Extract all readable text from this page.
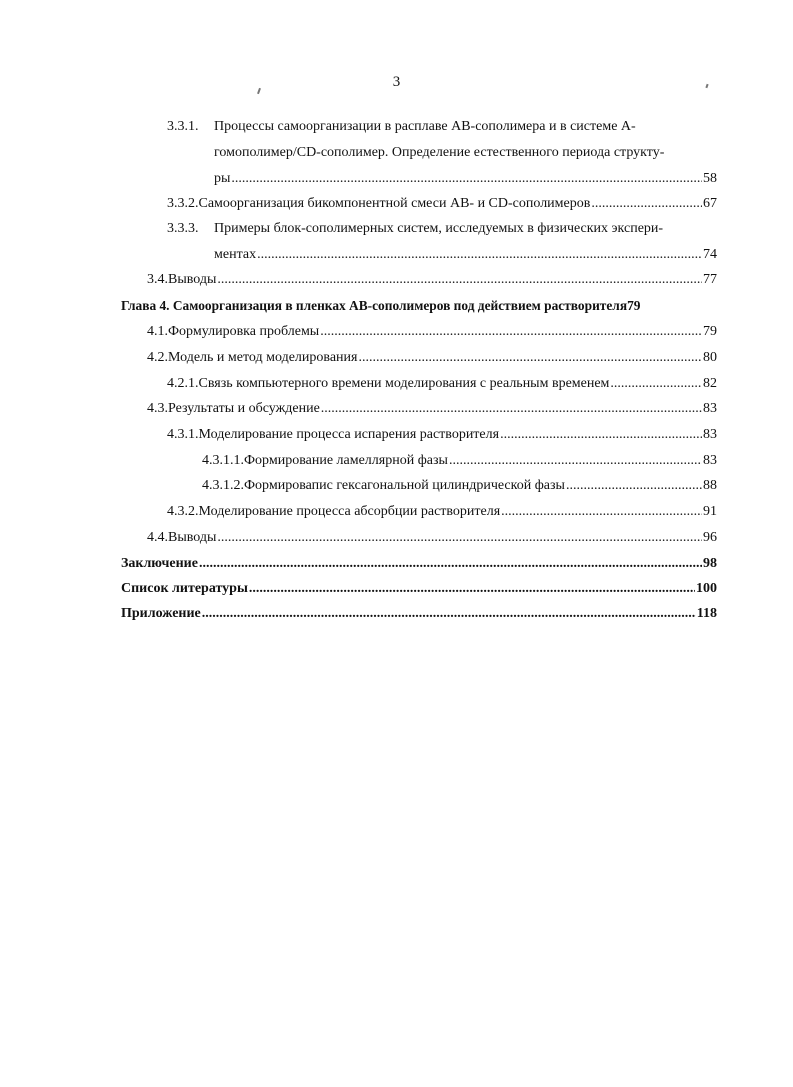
3
3.3.1. Процессы самоорганизации в расплаве AB-сополимера и в системе A-
гомополимер/CD-сополимер. Определение естественного периода структу-
ры .....	58
3.3.2. Самоорганизация бикомпонентной смеси AB- и CD-сополимеров .....	67
3.3.3. Примеры блок-сополимерных систем, исследуемых в физических экспери-
ментах .....	74
3.4. Выводы .....	77
Глава 4. Самоорганизация в пленках AB-сополимеров под действием растворителя79
4.1. Формулировка проблемы .....	79
4.2. Модель и метод моделирования .....	80
4.2.1. Связь компьютерного времени моделирования с реальным временем .....	82
4.3. Результаты и обсуждение .....	83
4.3.1. Моделирование процесса испарения растворителя .....	83
4.3.1.1. Формирование ламеллярной фазы .....	83
4.3.1.2. Формировапис гексагональной цилиндрической фазы .....	88
4.3.2. Моделирование процесса абсорбции растворителя .....	91
4.4. Выводы .....	96
Заключение .....	98
Список литературы .....	100
Приложение .....	118
